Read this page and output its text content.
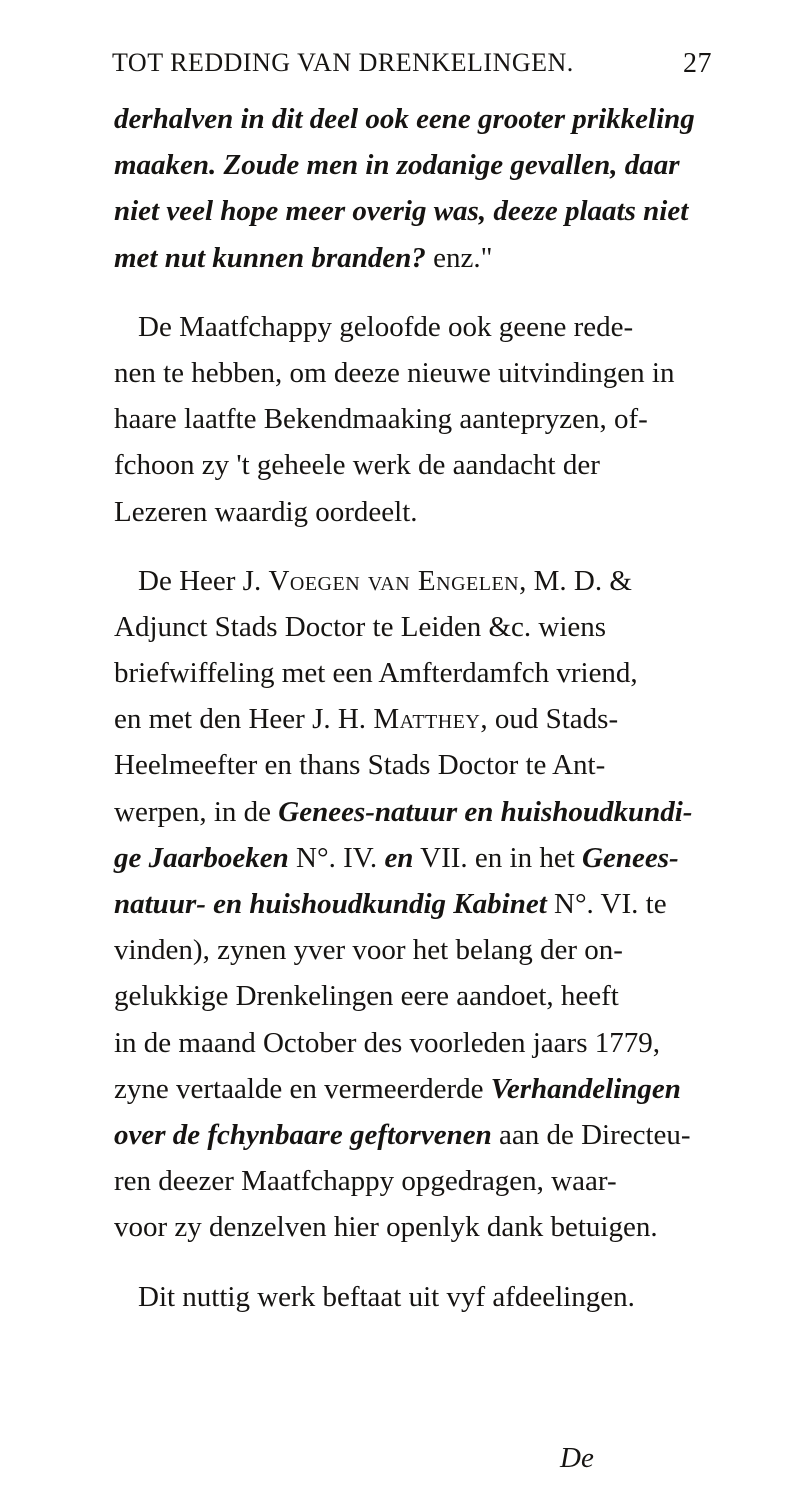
TOT REDDING VAN DRENKELINGEN.	27
derhalven in dit deel ook eene grooter prikkeling
maaken. Zoude men in zodanige gevallen, daar
niet veel hope meer overig was, deeze plaats niet
met nut kunnen branden? enz."
De Maatfchappy geloofde ook geene rede-
nen te hebben, om deeze nieuwe uitvindingen in
haare laatfte Bekendmaaking aantepryzen, of-
fchoon zy 't geheele werk de aandacht der
Lezeren waardig oordeelt.
De Heer J. Voegen van Engelen, M. D. &
Adjunct Stads Doctor te Leiden &c. wiens
briefwiffeling met een Amfterdamfch vriend,
en met den Heer J. H. Matthey, oud Stads-
Heelmeefter en thans Stads Doctor te Ant-
werpen, in de Genees-natuur en huishoudkundi-
ge Jaarboeken N°. IV. en VII. en in het Genees-
natuur- en huishoudkundig Kabinet N°. VI. te
vinden), zynen yver voor het belang der on-
gelukkige Drenkelingen eere aandoet, heeft
in de maand October des voorleden jaars 1779,
zyne vertaalde en vermeerderde Verhandelingen
over de fchynbaare geftorvenen aan de Directeu-
ren deezer Maatfchappy opgedragen, waar-
voor zy denzelven hier openlyk dank betuigen.
Dit nuttig werk beftaat uit vyf afdeelingen.
De
